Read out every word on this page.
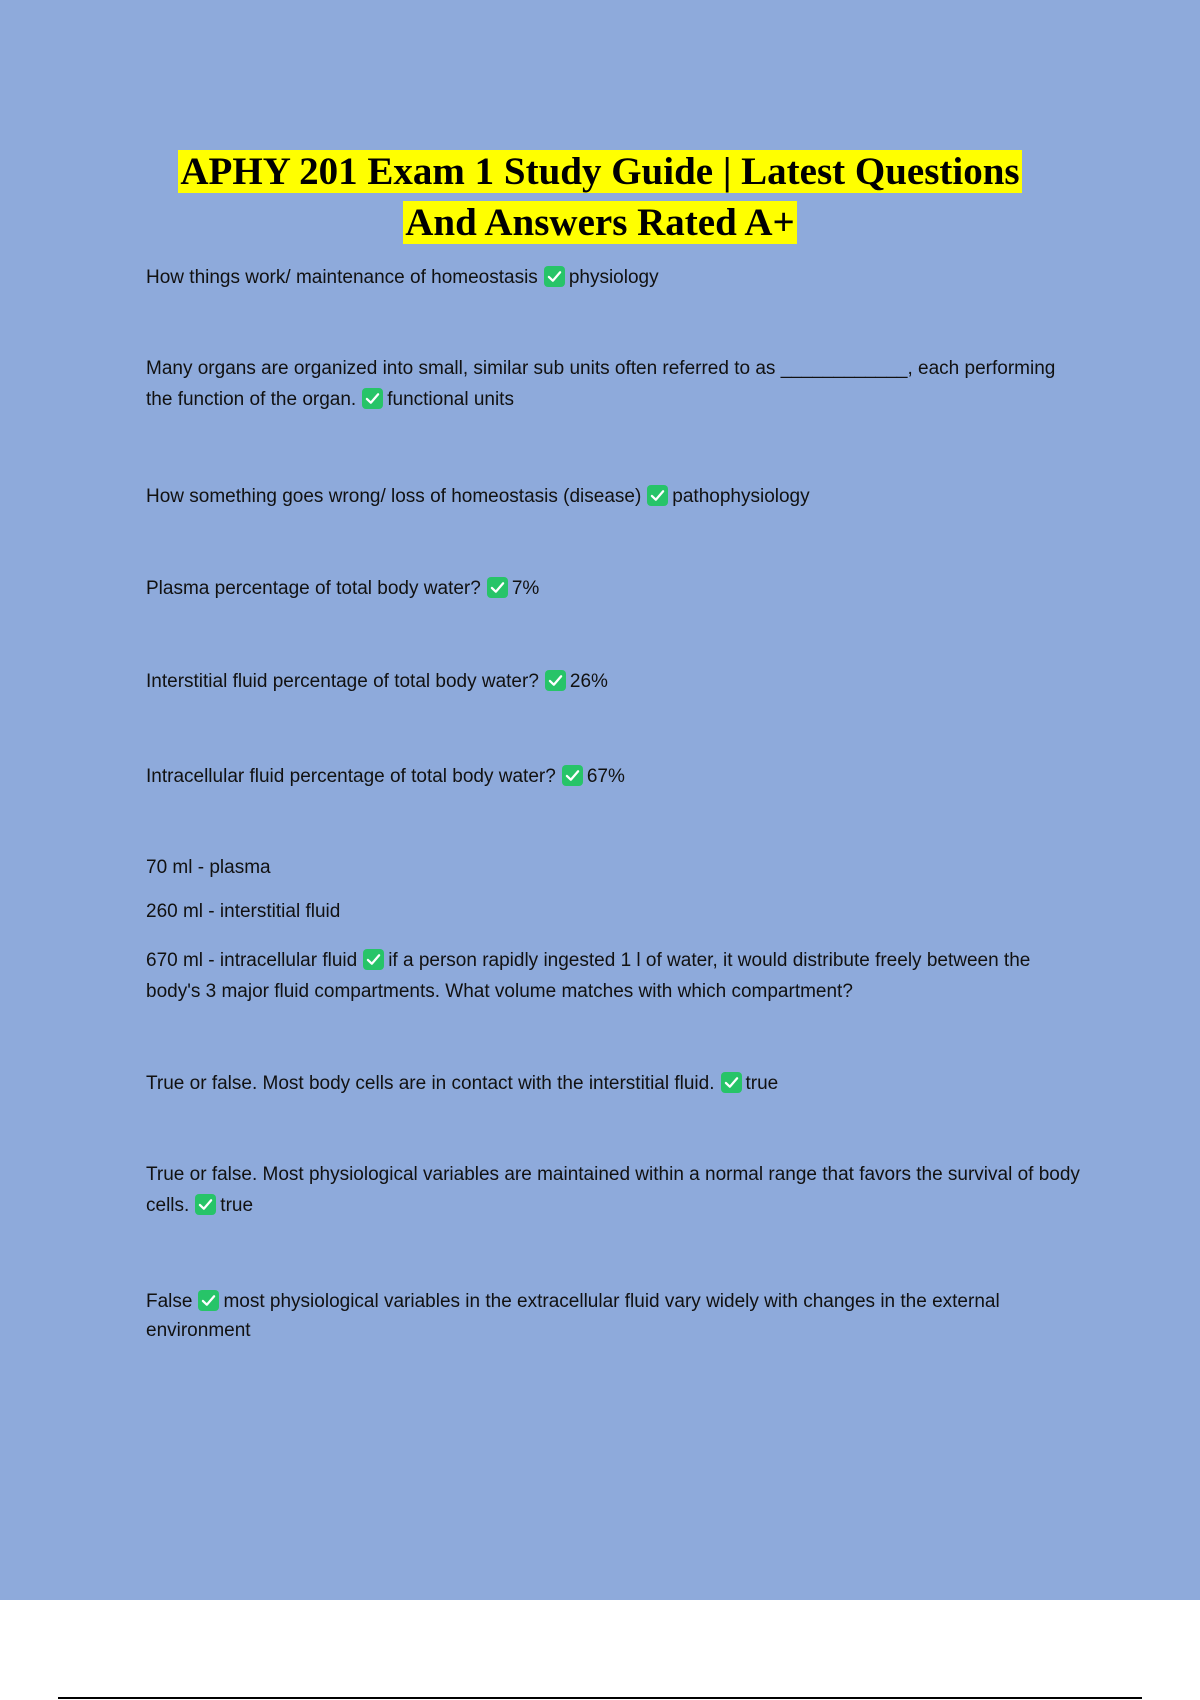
APHY 201 Exam 1 Study Guide | Latest Questions
And Answers Rated A+
How things work/ maintenance of homeostasis physiology
Many organs are organized into small, similar sub units often referred to as ____________, each performing the function of the organ. functional units
How something goes wrong/ loss of homeostasis (disease) pathophysiology
Plasma percentage of total body water? 7%
Interstitial fluid percentage of total body water? 26%
Intracellular fluid percentage of total body water? 67%
70 ml - plasma
260 ml - interstitial fluid
670 ml - intracellular fluid if a person rapidly ingested 1 l of water, it would distribute freely between the body's 3 major fluid compartments. What volume matches with which compartment?
True or false. Most body cells are in contact with the interstitial fluid. true
True or false. Most physiological variables are maintained within a normal range that favors the survival of body cells. true
False most physiological variables in the extracellular fluid vary widely with changes in the external environment
